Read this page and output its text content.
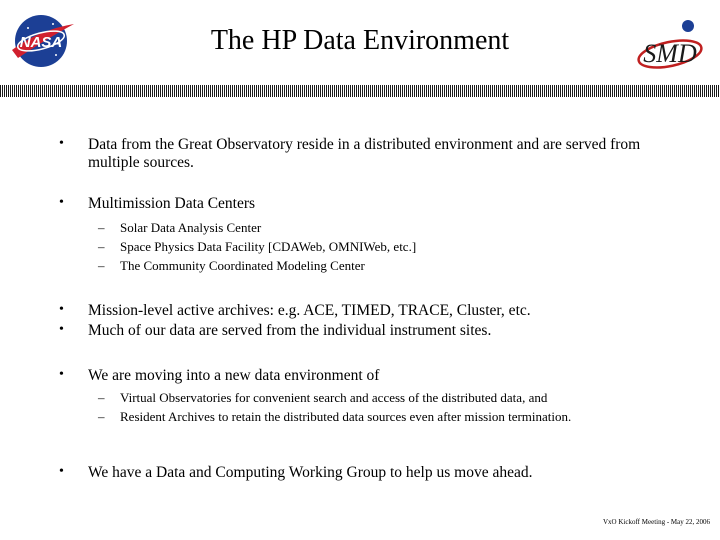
NASA	SMD
The HP Data Environment
• Data from the Great Observatory reside in a distributed environment and are served from multiple sources.
• Multimission Data Centers
– Solar Data Analysis Center
– Space Physics Data Facility [CDAWeb, OMNIWeb, etc.]
– The Community Coordinated Modeling Center
• Mission-level active archives: e.g. ACE, TIMED, TRACE, Cluster, etc.
• Much of our data are served from the individual instrument sites.
• We are moving into a new data environment of
– Virtual Observatories for convenient search and access of the distributed data, and
– Resident Archives to retain the distributed data sources even after mission termination.
• We have a Data and Computing Working Group to help us move ahead.
VxO Kickoff Meeting - May 22, 2006
